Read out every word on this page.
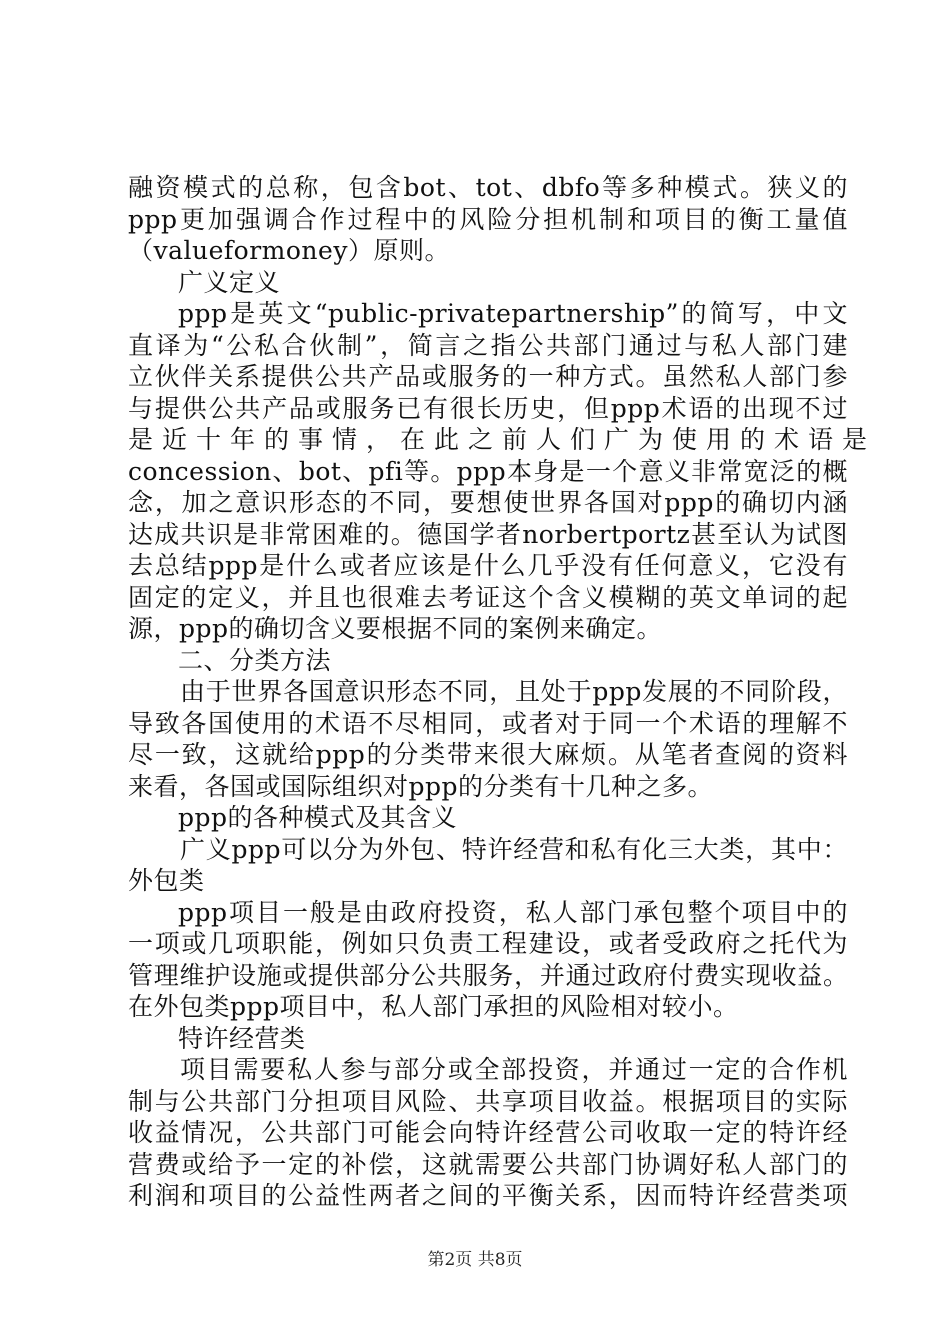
融资模式的总称，包含bot、tot、dbfo等多种模式。狭义的
ppp更加强调合作过程中的风险分担机制和项目的衡工量值
（valueformoney）原则。
广义定义
ppp是英文“public-privatepartnership”的简写，中文
直译为“公私合伙制”，简言之指公共部门通过与私人部门建
立伙伴关系提供公共产品或服务的一种方式。虽然私人部门参
与提供公共产品或服务已有很长历史，但ppp术语的出现不过
是近十年的事情，在此之前人们广为使用的术语是
concession、bot、pfi等。ppp本身是一个意义非常宽泛的概
念，加之意识形态的不同，要想使世界各国对ppp的确切内涵
达成共识是非常困难的。德国学者norbertportz甚至认为试图
去总结ppp是什么或者应该是什么几乎没有任何意义，它没有
固定的定义，并且也很难去考证这个含义模糊的英文单词的起
源，ppp的确切含义要根据不同的案例来确定。
二、分类方法
由于世界各国意识形态不同，且处于ppp发展的不同阶段，
导致各国使用的术语不尽相同，或者对于同一个术语的理解不
尽一致，这就给ppp的分类带来很大麻烦。从笔者查阅的资料
来看，各国或国际组织对ppp的分类有十几种之多。
ppp的各种模式及其含义
广义ppp可以分为外包、特许经营和私有化三大类，其中：
外包类
ppp项目一般是由政府投资，私人部门承包整个项目中的
一项或几项职能，例如只负责工程建设，或者受政府之托代为
管理维护设施或提供部分公共服务，并通过政府付费实现收益。
在外包类ppp项目中，私人部门承担的风险相对较小。
特许经营类
项目需要私人参与部分或全部投资，并通过一定的合作机
制与公共部门分担项目风险、共享项目收益。根据项目的实际
收益情况，公共部门可能会向特许经营公司收取一定的特许经
营费或给予一定的补偿，这就需要公共部门协调好私人部门的
利润和项目的公益性两者之间的平衡关系，因而特许经营类项
第2页 共8页
